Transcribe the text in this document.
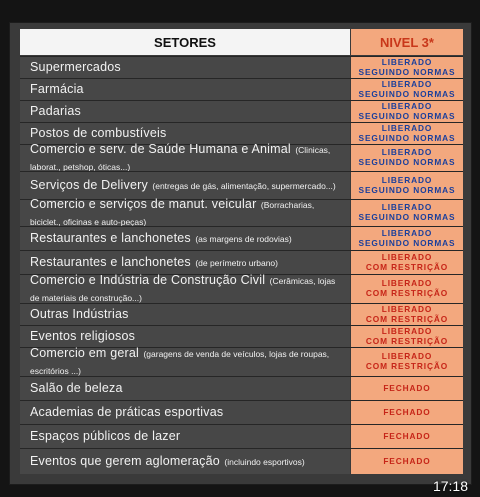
SETORES	NIVEL 3*
Supermercados	LIBERADO
SEGUINDO NORMAS
Farmácia	LIBERADO
SEGUINDO NORMAS
Padarias	LIBERADO
SEGUINDO NORMAS
Postos de combustíveis	LIBERADO
SEGUINDO NORMAS
Comercio e serv. de Saúde Humana e Animal (Clinicas, laborat., petshop, óticas...)
LIBERADO
SEGUINDO NORMAS
Serviços de Delivery (entregas de gás, alimentação, supermercado...)
LIBERADO
SEGUINDO NORMAS
Comercio e serviços de manut. veicular (Borracharias, biciclet., oficinas e auto-peças)
LIBERADO
SEGUINDO NORMAS
Restaurantes e lanchonetes (as margens de rodovias)
LIBERADO
SEGUINDO NORMAS
Restaurantes e lanchonetes (de perímetro urbano)
LIBERADO
COM RESTRIÇÃO
Comercio e Indústria de Construção Civil (Cerâmicas, lojas de materiais de construção...)
LIBERADO
COM RESTRIÇÃO
Outras Indústrias	LIBERADO
COM RESTRIÇÃO
Eventos religiosos	LIBERADO
COM RESTRIÇÃO
Comercio em geral (garagens de venda de veículos, lojas de roupas, escritórios ...)
LIBERADO
COM RESTRIÇÃO
Salão de beleza	FECHADO
Academias de práticas esportivas	FECHADO
Espaços públicos de lazer	FECHADO
Eventos que gerem aglomeração (incluindo esportivos)	FECHADO
17:18
